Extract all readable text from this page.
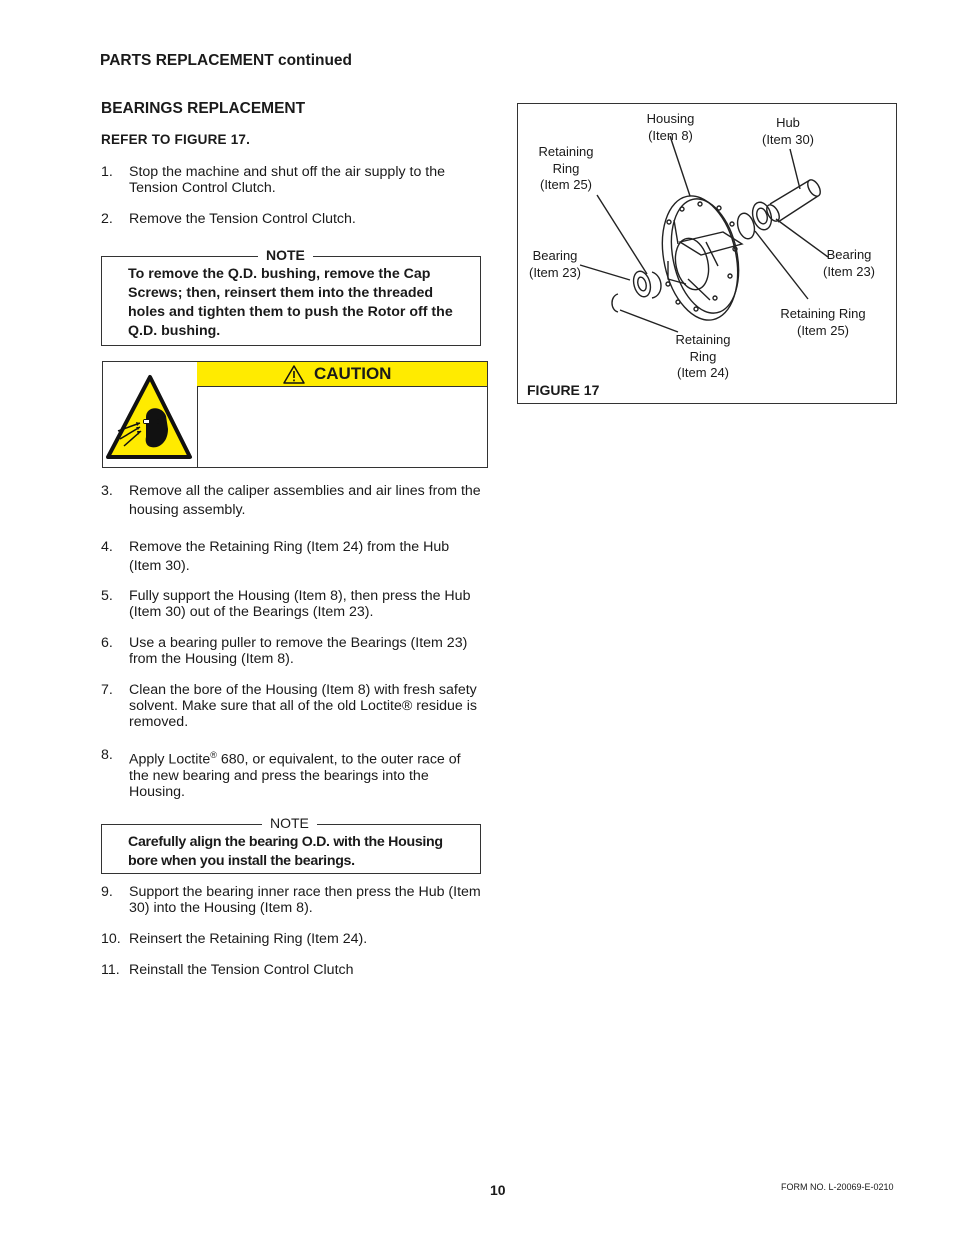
PARTS REPLACEMENT continued
BEARINGS REPLACEMENT
REFER TO FIGURE 17.
1. Stop the machine and shut off the air supply to the Tension Control Clutch.
2. Remove the Tension Control Clutch.
NOTE
To remove the Q.D. bushing, remove the Cap Screws; then, reinsert them into the threaded holes and tighten them to push the Rotor off the Q.D. bushing.
CAUTION
3. Remove all the caliper assemblies and air lines from the housing assembly.
4. Remove the Retaining Ring (Item 24) from the Hub (Item 30).
5. Fully support the Housing (Item 8), then press the Hub (Item 30) out of the Bearings (Item 23).
6. Use a bearing puller to remove the Bearings (Item 23) from the Housing (Item 8).
7. Clean the bore of the Housing (Item 8) with fresh safety solvent. Make sure that all of the old Loctite® residue is removed.
8. Apply Loctite® 680, or equivalent, to the outer race of the new bearing and press the bearings into the Housing.
NOTE
Carefully align the bearing O.D. with the Housing bore when you install the bearings.
9. Support the bearing inner race then press the Hub (Item 30) into the Housing (Item 8).
10. Reinsert the Retaining Ring (Item 24).
11. Reinstall the Tension Control Clutch
Housing
(Item 8)
Hub
(Item 30)
Retaining
Ring
(Item 25)
Bearing
(Item 23)
Bearing
(Item 23)
Retaining Ring
(Item 25)
Retaining
Ring
(Item 24)
FIGURE 17
10	FORM NO. L-20069-E-0210
